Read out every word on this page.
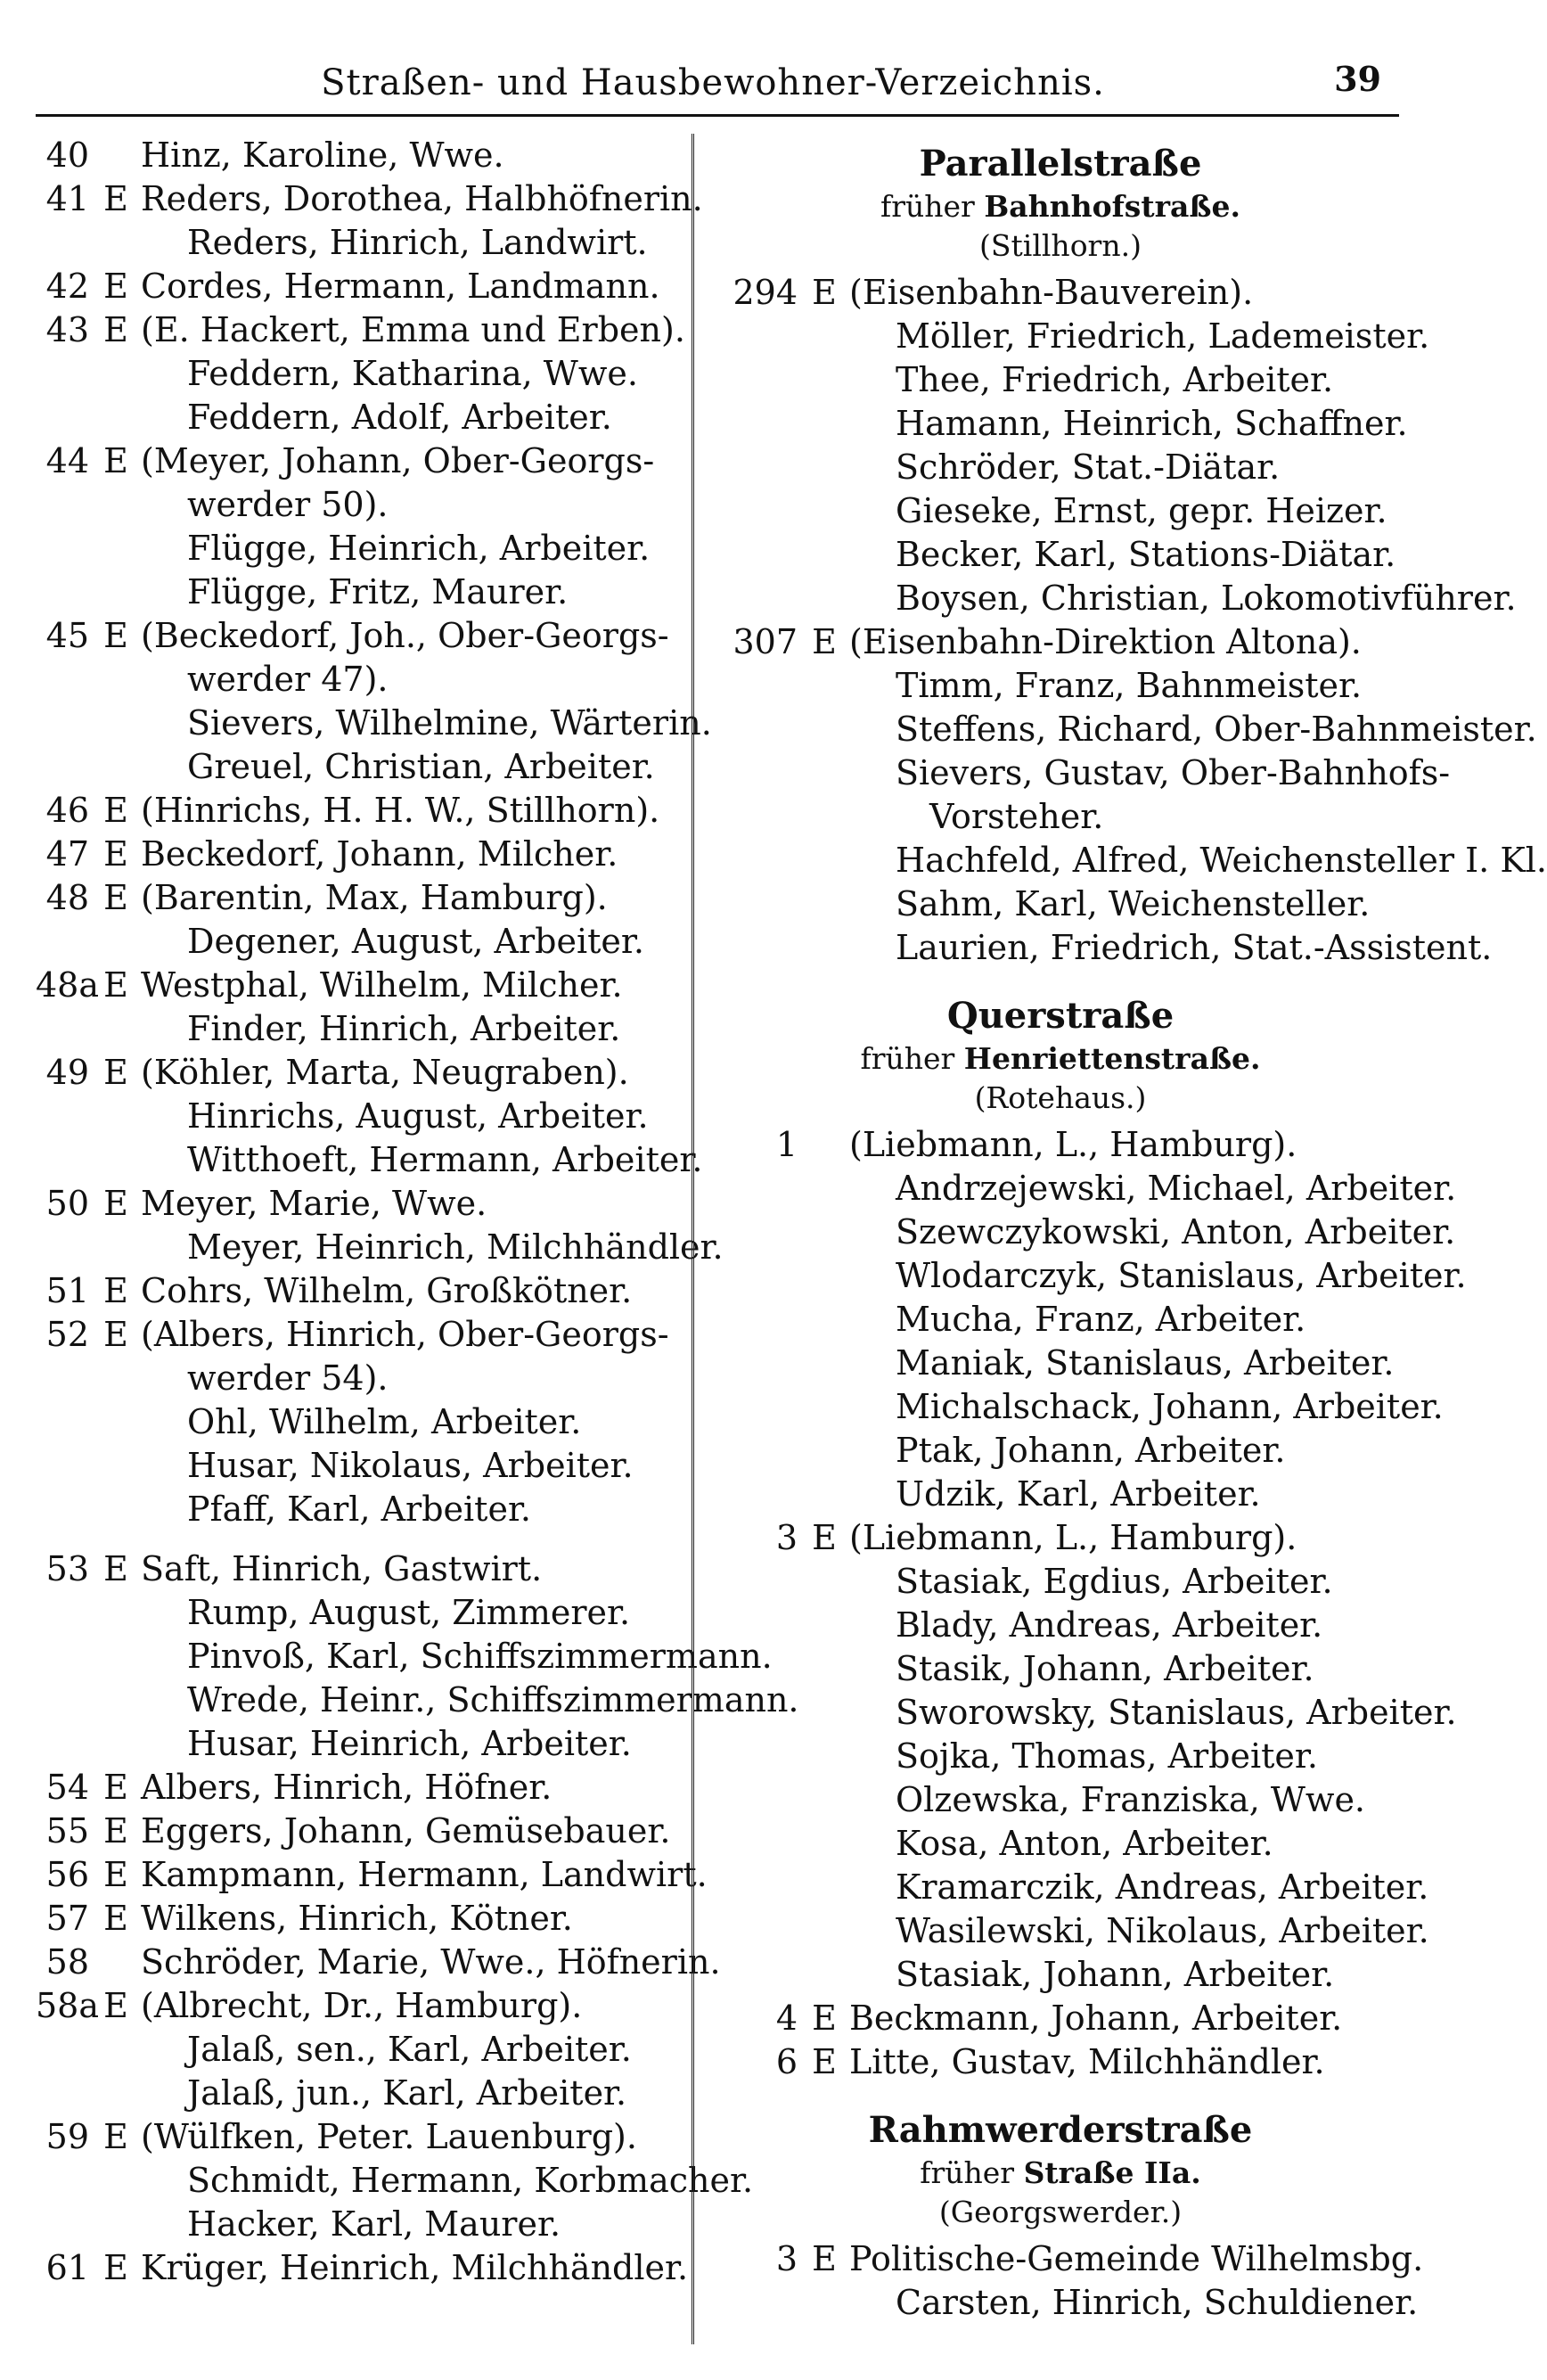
Straßen- und Hausbewohner-Verzeichnis.	39
40 Hinz, Karoline, Wwe.
41 E Reders, Dorothea, Halbhöfnerin.
Reders, Hinrich, Landwirt.
42 E Cordes, Hermann, Landmann.
43 E (E. Hackert, Emma und Erben).
Feddern, Katharina, Wwe.
Feddern, Adolf, Arbeiter.
44 E (Meyer, Johann, Ober-Georgs-
werder 50).
Flügge, Heinrich, Arbeiter.
Flügge, Fritz, Maurer.
45 E (Beckedorf, Joh., Ober-Georgs-
werder 47).
Sievers, Wilhelmine, Wärterin.
Greuel, Christian, Arbeiter.
46 E (Hinrichs, H. H. W., Stillhorn).
47 E Beckedorf, Johann, Milcher.
48 E (Barentin, Max, Hamburg).
Degener, August, Arbeiter.
48a E Westphal, Wilhelm, Milcher.
Finder, Hinrich, Arbeiter.
49 E (Köhler, Marta, Neugraben).
Hinrichs, August, Arbeiter.
Witthoeft, Hermann, Arbeiter.
50 E Meyer, Marie, Wwe.
Meyer, Heinrich, Milchhändler.
51 E Cohrs, Wilhelm, Großkötner.
52 E (Albers, Hinrich, Ober-Georgs-
werder 54).
Ohl, Wilhelm, Arbeiter.
Husar, Nikolaus, Arbeiter.
Pfaff, Karl, Arbeiter.
53 E Saft, Hinrich, Gastwirt.
Rump, August, Zimmerer.
Pinvoß, Karl, Schiffszimmermann.
Wrede, Heinr., Schiffszimmermann.
Husar, Heinrich, Arbeiter.
54 E Albers, Hinrich, Höfner.
55 E Eggers, Johann, Gemüsebauer.
56 E Kampmann, Hermann, Landwirt.
57 E Wilkens, Hinrich, Kötner.
58 Schröder, Marie, Wwe., Höfnerin.
58a E (Albrecht, Dr., Hamburg).
Jalaß, sen., Karl, Arbeiter.
Jalaß, jun., Karl, Arbeiter.
59 E (Wülfken, Peter. Lauenburg).
Schmidt, Hermann, Korbmacher.
Hacker, Karl, Maurer.
61 E Krüger, Heinrich, Milchhändler.
Parallelstraße
früher Bahnhofstraße.
(Stillhorn.)
294 E (Eisenbahn-Bauverein).
Möller, Friedrich, Lademeister.
Thee, Friedrich, Arbeiter.
Hamann, Heinrich, Schaffner.
Schröder, Stat.-Diätar.
Gieseke, Ernst, gepr. Heizer.
Becker, Karl, Stations-Diätar.
Boysen, Christian, Lokomotivführer.
307 E (Eisenbahn-Direktion Altona).
Timm, Franz, Bahnmeister.
Steffens, Richard, Ober-Bahnmeister.
Sievers, Gustav, Ober-Bahnhofs-
Vorsteher.
Hachfeld, Alfred, Weichensteller I. Kl.
Sahm, Karl, Weichensteller.
Laurien, Friedrich, Stat.-Assistent.
Querstraße
früher Henriettenstraße.
(Rotehaus.)
1 (Liebmann, L., Hamburg).
Andrzejewski, Michael, Arbeiter.
Szewczykowski, Anton, Arbeiter.
Wlodarczyk, Stanislaus, Arbeiter.
Mucha, Franz, Arbeiter.
Maniak, Stanislaus, Arbeiter.
Michalschack, Johann, Arbeiter.
Ptak, Johann, Arbeiter.
Udzik, Karl, Arbeiter.
3 E (Liebmann, L., Hamburg).
Stasiak, Egdius, Arbeiter.
Blady, Andreas, Arbeiter.
Stasik, Johann, Arbeiter.
Sworowsky, Stanislaus, Arbeiter.
Sojka, Thomas, Arbeiter.
Olzewska, Franziska, Wwe.
Kosa, Anton, Arbeiter.
Kramarczik, Andreas, Arbeiter.
Wasilewski, Nikolaus, Arbeiter.
Stasiak, Johann, Arbeiter.
4 E Beckmann, Johann, Arbeiter.
6 E Litte, Gustav, Milchhändler.
Rahmwerderstraße
früher Straße IIa.
(Georgswerder.)
3 E Politische-Gemeinde Wilhelmsbg.
Carsten, Hinrich, Schuldiener.
